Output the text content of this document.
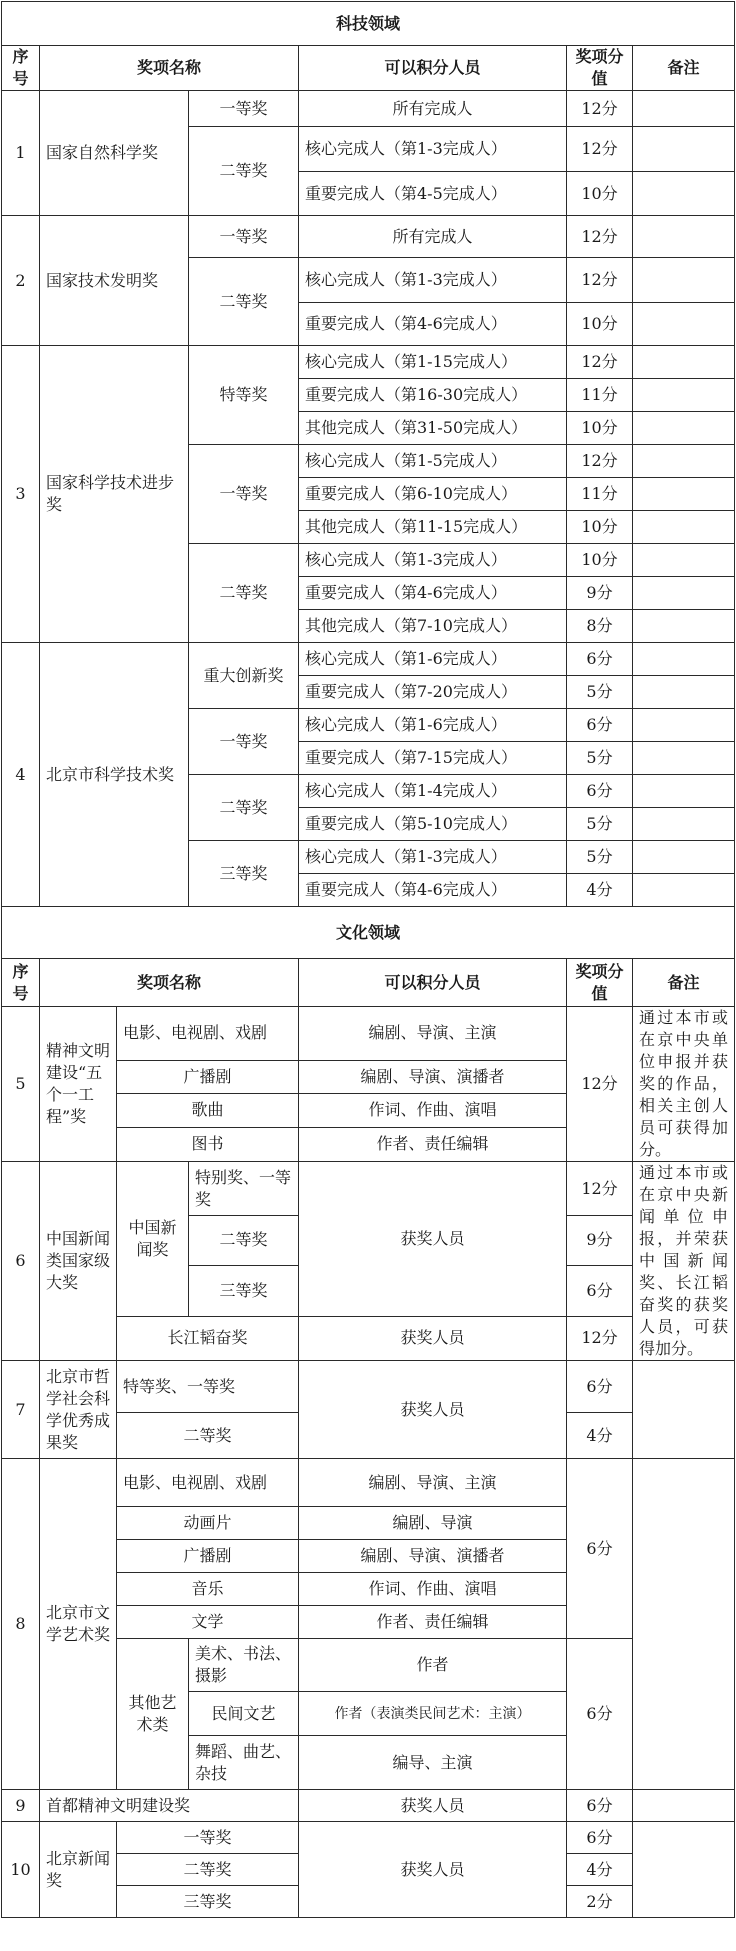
科技领域						
序号	奖项名称			可以积分人员	奖项分值	备注
1	国家自然科学奖		一等奖	所有完成人	12分	
			二等奖	核心完成人（第1-3完成人）	12分	
				重要完成人（第4-5完成人）	10分	
2	国家技术发明奖		一等奖	所有完成人	12分	
			二等奖	核心完成人（第1-3完成人）	12分	
				重要完成人（第4-6完成人）	10分	
3	国家科学技术进步奖		特等奖	核心完成人（第1-15完成人）	12分	
				重要完成人（第16-30完成人）	11分	
				其他完成人（第31-50完成人）	10分	
			一等奖	核心完成人（第1-5完成人）	12分	
				重要完成人（第6-10完成人）	11分	
				其他完成人（第11-15完成人）	10分	
			二等奖	核心完成人（第1-3完成人）	10分	
				重要完成人（第4-6完成人）	9分	
				其他完成人（第7-10完成人）	8分	
4	北京市科学技术奖		重大创新奖	核心完成人（第1-6完成人）	6分	
				重要完成人（第7-20完成人）	5分	
			一等奖	核心完成人（第1-6完成人）	6分	
				重要完成人（第7-15完成人）	5分	
			二等奖	核心完成人（第1-4完成人）	6分	
				重要完成人（第5-10完成人）	5分	
			三等奖	核心完成人（第1-3完成人）	5分	
				重要完成人（第4-6完成人）	4分	
文化领域						
序号	奖项名称			可以积分人员	奖项分值	备注
5	精神文明建设“五个一工程”奖	电影、电视剧、戏剧		编剧、导演、主演	12分	通过本市或在京中央单位申报并获奖的作品，相关主创人员可获得加分。
		广播剧		编剧、导演、演播者		
		歌曲		作词、作曲、演唱		
		图书		作者、责任编辑		
6	中国新闻类国家级大奖	中国新闻奖	特别奖、一等奖	获奖人员	12分	通过本市或在京中央新闻单位申报，并荣获中国新闻奖、长江韬奋奖的获奖人员，可获得加分。
			二等奖		9分	
			三等奖		6分	
		长江韬奋奖		获奖人员	12分	
7	北京市哲学社会科学优秀成果奖	特等奖、一等奖		获奖人员	6分	
		二等奖			4分	
8	北京市文学艺术奖	电影、电视剧、戏剧		编剧、导演、主演	6分	
		动画片		编剧、导演		
		广播剧		编剧、导演、演播者		
		音乐		作词、作曲、演唱		
		文学		作者、责任编辑		
		其他艺术类	美术、书法、摄影	作者	6分	
			民间文艺	作者（表演类民间艺术：主演）		
			舞蹈、曲艺、杂技	编导、主演		
9	首都精神文明建设奖			获奖人员	6分	
10	北京新闻奖	一等奖		获奖人员	6分	
		二等奖			4分	
		三等奖			2分	
